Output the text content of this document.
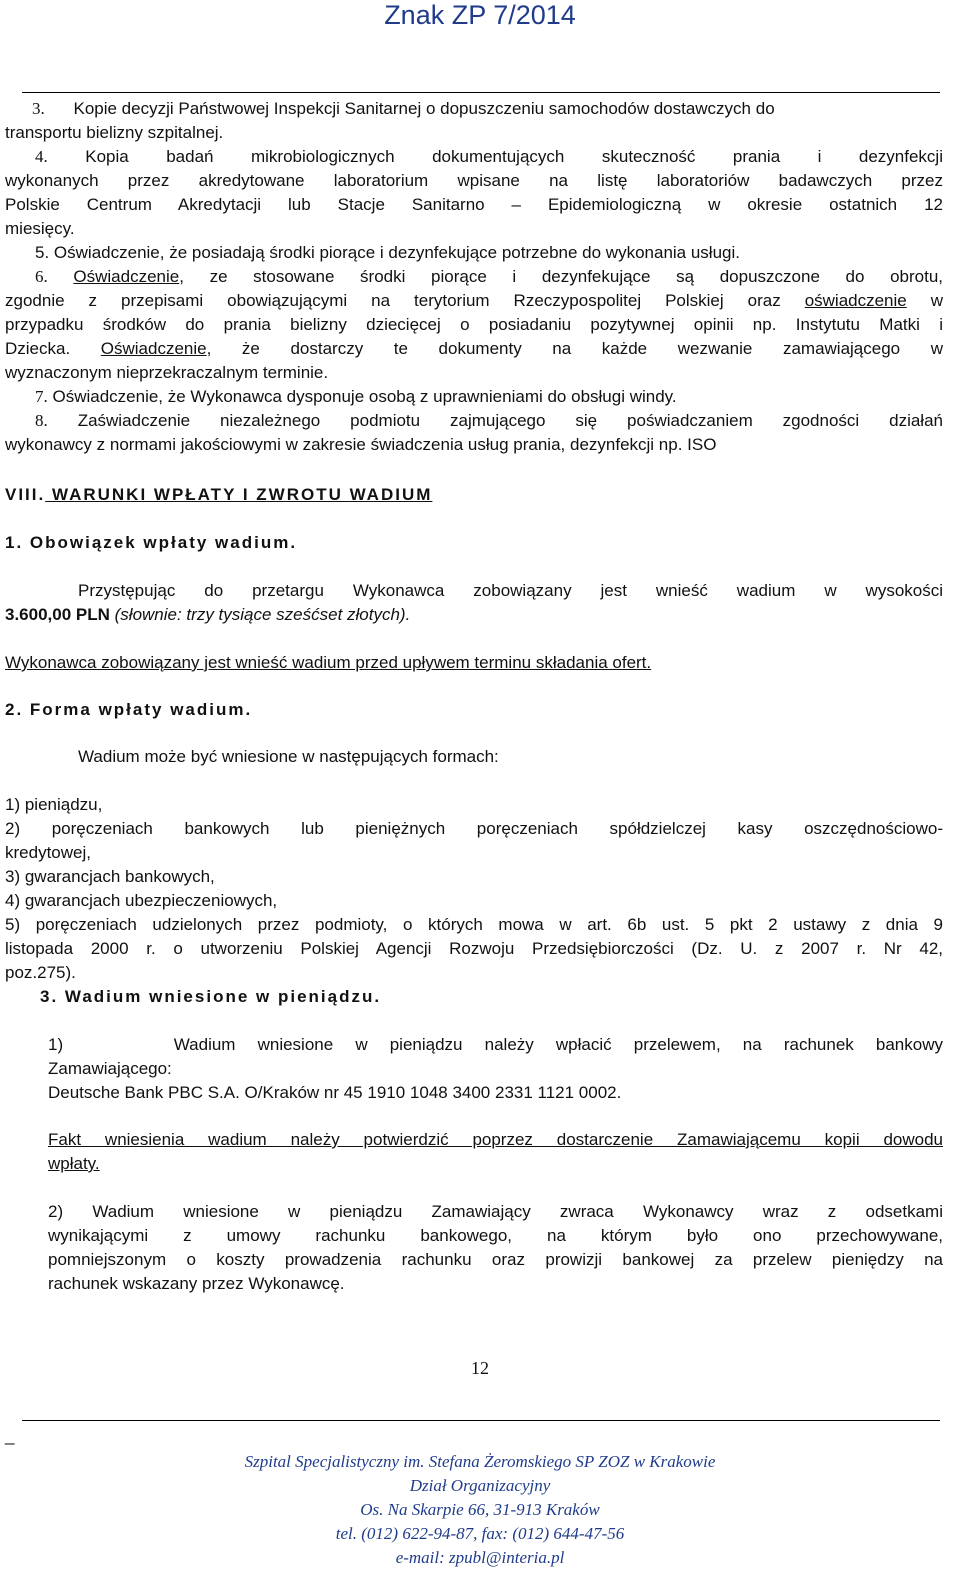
Znak ZP 7/2014
3. Kopie decyzji Państwowej Inspekcji Sanitarnej o dopuszczeniu samochodów dostawczych do
transportu bielizny szpitalnej.
4. Kopia badań mikrobiologicznych dokumentujących skuteczność prania i dezynfekcji
wykonanych przez akredytowane laboratorium wpisane na listę laboratoriów badawczych przez
Polskie Centrum Akredytacji lub Stacje Sanitarno – Epidemiologiczną w okresie ostatnich 12
miesięcy.
5. Oświadczenie, że posiadają środki piorące i dezynfekujące potrzebne do wykonania usługi.
6. Oświadczenie, ze stosowane środki piorące i dezynfekujące są dopuszczone do obrotu,
zgodnie z przepisami obowiązującymi na terytorium Rzeczypospolitej Polskiej oraz oświadczenie w
przypadku środków do prania bielizny dziecięcej o posiadaniu pozytywnej opinii np. Instytutu Matki i
Dziecka. Oświadczenie, że dostarczy te dokumenty na każde wezwanie zamawiającego w
wyznaczonym nieprzekraczalnym terminie.
7. Oświadczenie, że Wykonawca dysponuje osobą z uprawnieniami do obsługi windy.
8. Zaświadczenie niezależnego podmiotu zajmującego się poświadczaniem zgodności działań
wykonawcy z normami jakościowymi w zakresie świadczenia usług prania, dezynfekcji np. ISO
VIII. WARUNKI WPŁATY I ZWROTU WADIUM
1. Obowiązek wpłaty wadium.
Przystępując do przetargu Wykonawca zobowiązany jest wnieść wadium w wysokości
3.600,00 PLN (słownie: trzy tysiące sześćset złotych).
Wykonawca zobowiązany jest wnieść wadium przed upływem terminu składania ofert.
2. Forma wpłaty wadium.
Wadium może być wniesione w następujących formach:
1) pieniądzu,
2) poręczeniach bankowych lub pieniężnych poręczeniach spółdzielczej kasy oszczędnościowo-
kredytowej,
3) gwarancjach bankowych,
4) gwarancjach ubezpieczeniowych,
5) poręczeniach udzielonych przez podmioty, o których mowa w art. 6b ust. 5 pkt 2 ustawy z dnia 9
listopada 2000 r. o utworzeniu Polskiej Agencji Rozwoju Przedsiębiorczości (Dz. U. z 2007 r. Nr 42,
poz.275).
3. Wadium wniesione w pieniądzu.
1)     Wadium wniesione w pieniądzu należy wpłacić przelewem, na rachunek bankowy
Zamawiającego:
Deutsche Bank PBC S.A. O/Kraków nr 45 1910 1048 3400 2331 1121 0002.
Fakt wniesienia wadium należy potwierdzić poprzez dostarczenie Zamawiającemu kopii dowodu
wpłaty.
2) Wadium wniesione w pieniądzu Zamawiający zwraca Wykonawcy wraz z odsetkami
wynikającymi z umowy rachunku bankowego, na którym było ono przechowywane,
pomniejszonym o koszty prowadzenia rachunku oraz prowizji bankowej za przelew pieniędzy na
rachunek wskazany przez Wykonawcę.
12
_
Szpital Specjalistyczny im. Stefana Żeromskiego SP ZOZ w Krakowie
Dział Organizacyjny
Os. Na Skarpie 66, 31-913 Kraków
tel. (012) 622-94-87, fax: (012) 644-47-56
e-mail: zpubl@interia.pl
